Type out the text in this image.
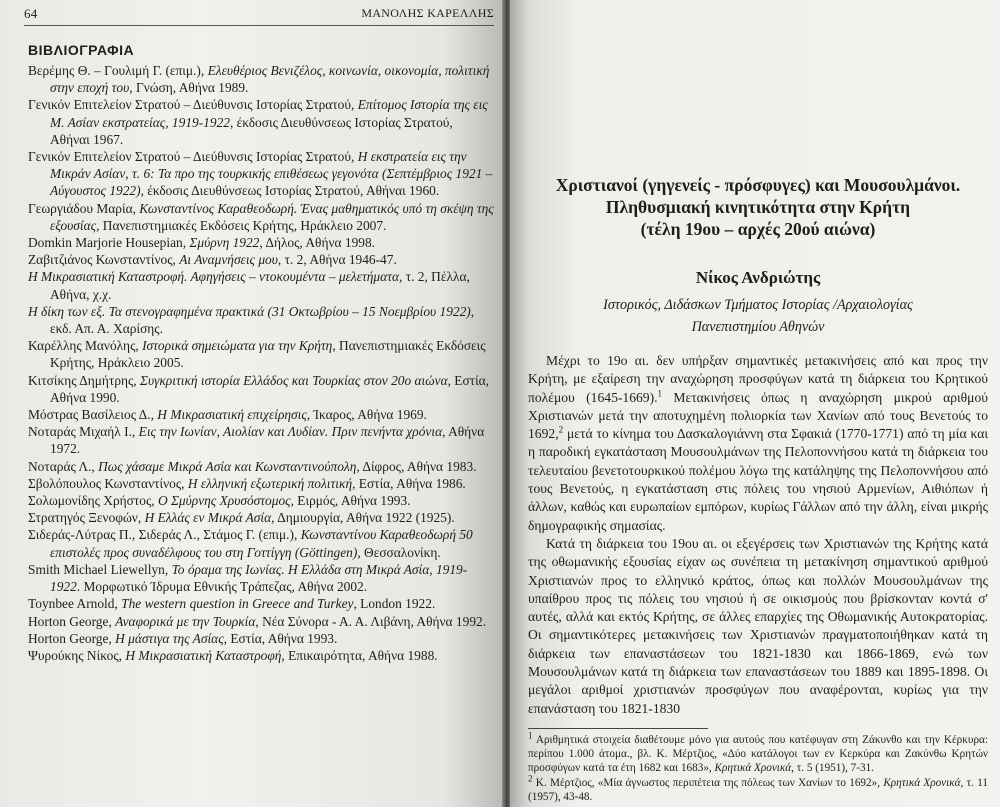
64	ΜΑΝΟΛΗΣ ΚΑΡΕΛΛΗΣ
ΒΙΒΛΙΟΓΡΑΦΙΑ
Βερέμης Θ. – Γουλιμή Γ. (επιμ.), Ελευθέριος Βενιζέλος, κοινωνία, οικονομία, πολιτική στην εποχή του, Γνώση, Αθήνα 1989.
Γενικόν Επιτελείον Στρατού – Διεύθυνσις Ιστορίας Στρατού, Επίτομος Ιστορία της εις Μ. Ασίαν εκστρατείας, 1919-1922, έκδοσις Διευθύνσεως Ιστορίας Στρατού, Αθήναι 1967.
Γενικόν Επιτελείον Στρατού – Διεύθυνσις Ιστορίας Στρατού, Η εκστρατεία εις την Μικράν Ασίαν, τ. 6: Τα προ της τουρκικής επιθέσεως γεγονότα (Σεπτέμβριος 1921 – Αύγουστος 1922), έκδοσις Διευθύνσεως Ιστορίας Στρατού, Αθήναι 1960.
Γεωργιάδου Μαρία, Κωνσταντίνος Καραθεοδωρή. Ένας μαθηματικός υπό τη σκέψη της εξουσίας, Πανεπιστημιακές Εκδόσεις Κρήτης, Ηράκλειο 2007.
Domkin Marjorie Housepian, Σμύρνη 1922, Δήλος, Αθήνα 1998.
Ζαβιτζιάνος Κωνσταντίνος, Αι Αναμνήσεις μου, τ. 2, Αθήνα 1946-47.
Η Μικρασιατική Καταστροφή. Αφηγήσεις – ντοκουμέντα – μελετήματα, τ. 2, Πέλλα, Αθήνα, χ.χ.
Η δίκη των εξ. Τα στενογραφημένα πρακτικά (31 Οκτωβρίου – 15 Νοεμβρίου 1922), εκδ. Απ. Α. Χαρίσης.
Καρέλλης Μανόλης, Ιστορικά σημειώματα για την Κρήτη, Πανεπιστημιακές Εκδόσεις Κρήτης, Ηράκλειο 2005.
Κιτσίκης Δημήτρης, Συγκριτική ιστορία Ελλάδος και Τουρκίας στον 20ο αιώνα, Εστία, Αθήνα 1990.
Μόστρας Βασίλειος Δ., Η Μικρασιατική επιχείρησις, Ίκαρος, Αθήνα 1969.
Νοταράς Μιχαήλ Ι., Εις την Ιωνίαν, Αιολίαν και Λυδίαν. Πριν πενήντα χρόνια, Αθήνα 1972.
Νοταράς Λ., Πως χάσαμε Μικρά Ασία και Κωνσταντινούπολη, Δίφρος, Αθήνα 1983.
Σβολόπουλος Κωνσταντίνος, Η ελληνική εξωτερική πολιτική, Εστία, Αθήνα 1986.
Σολωμονίδης Χρήστος, Ο Σμύρνης Χρυσόστομος, Ειρμός, Αθήνα 1993.
Στρατηγός Ξενοφών, Η Ελλάς εν Μικρά Ασία, Δημιουργία, Αθήνα 1922 (1925).
Σιδεράς-Λύτρας Π., Σιδεράς Λ., Στάμος Γ. (επιμ.), Κωνσταντίνου Καραθεοδωρή 50 επιστολές προς συναδέλφους του στη Γοττίγγη (Göttingen), Θεσσαλονίκη.
Smith Michael Liewellyn, Το όραμα της Ιωνίας. Η Ελλάδα στη Μικρά Ασία, 1919-1922. Μορφωτικό Ίδρυμα Εθνικής Τράπεζας, Αθήνα 2002.
Toynbee Arnold, The western question in Greece and Turkey, London 1922.
Horton George, Αναφορικά με την Τουρκία, Νέα Σύνορα - Α. Α. Λιβάνη, Αθήνα 1992.
Horton George, Η μάστιγα της Ασίας, Εστία, Αθήνα 1993.
Ψυρούκης Νίκος, Η Μικρασιατική Καταστροφή, Επικαιρότητα, Αθήνα 1988.
Χριστιανοί (γηγενείς - πρόσφυγες) και Μουσουλμάνοι.
Πληθυσμιακή κινητικότητα στην Κρήτη
(τέλη 19ου – αρχές 20ού αιώνα)
Νίκος Ανδριώτης
Ιστορικός, Διδάσκων Τμήματος Ιστορίας /Αρχαιολογίας
Πανεπιστημίου Αθηνών

Μέχρι το 19ο αι. δεν υπήρξαν σημαντικές μετακινήσεις από και προς την Κρήτη, με εξαίρεση την αναχώρηση προσφύγων κατά τη διάρκεια του Κρητικού πολέμου (1645-1669).$^1$ Μετακινήσεις όπως η αναχώρηση μικρού αριθμού Χριστιανών μετά την αποτυχημένη πολιορκία των Χανίων από τους Βενετούς το 1692,$^2$ μετά το κίνημα του Δασκαλογιάννη στα Σφακιά (1770-1771) από τη μία και η παροδική εγκατάσταση Μουσουλμάνων της Πελοποννήσου κατά τη διάρκεια του τελευταίου βενετοτουρκικού πολέμου λόγω της κατάληψης της Πελοποννήσου από τους Βενετούς, η εγκατάσταση στις πόλεις του νησιού Αρμενίων, Αιθιόπων ή άλλων, καθώς και ευρωπαίων εμπόρων, κυρίως Γάλλων από την άλλη, είναι μικρής δημογραφικής σημασίας.

Κατά τη διάρκεια του 19ου αι. οι εξεγέρσεις των Χριστιανών της Κρήτης κατά της οθωμανικής εξουσίας είχαν ως συνέπεια τη μετακίνηση σημαντικού αριθμού Χριστιανών προς το ελληνικό κράτος, όπως και πολλών Μουσουλμάνων της υπαίθρου προς τις πόλεις του νησιού ή σε οικισμούς που βρίσκονταν κοντά σ' αυτές, αλλά και εκτός Κρήτης, σε άλλες επαρχίες της Οθωμανικής Αυτοκρατορίας. Οι σημαντικότερες μετακινήσεις των Χριστιανών πραγματοποιήθηκαν κατά τη διάρκεια των επαναστάσεων του 1821-1830 και 1866-1869, ενώ των Μουσουλμάνων κατά τη διάρκεια των επαναστάσεων του 1889 και 1895-1898. Οι μεγάλοι αριθμοί χριστιανών προσφύγων που αναφέρονται, κυρίως για την επανάσταση του 1821-1830

$^1$ Αριθμητικά στοιχεία διαθέτουμε μόνο για αυτούς που κατέφυγαν στη Ζάκυνθο και την Κέρκυρα: περίπου 1.000 άτομα., βλ. Κ. Μέρτζιος, «Δύο κατάλογοι των εν Κερκύρα και Ζακύνθω Κρητών προσφύγων κατά τα έτη 1682 και 1683», Κρητικά Χρονικά, τ. 5 (1951), 7-31.

$^2$ Κ. Μέρτζιος, «Μία άγνωστος περιπέτεια της πόλεως των Χανίων το 1692», Κρητικά Χρονικά, τ. 11 (1957), 43-48.
